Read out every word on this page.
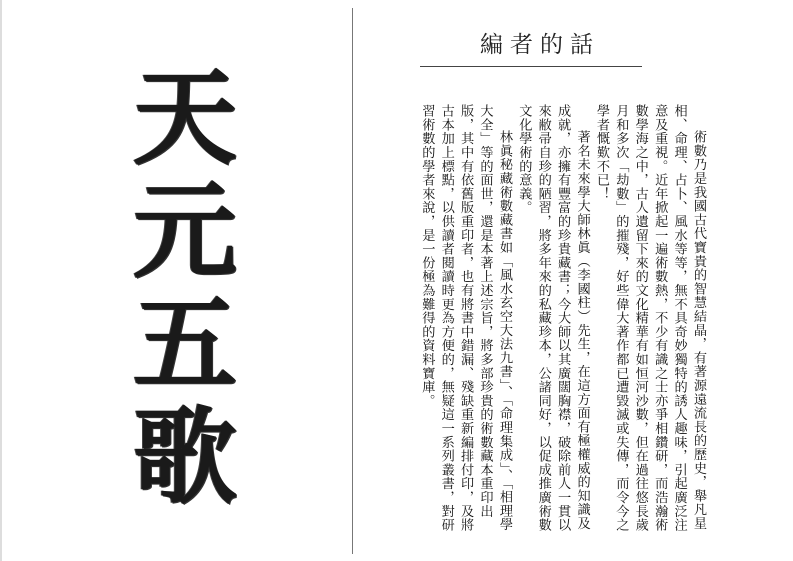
天
元
五
歌
編者的話

術數乃是我國古代寶貴的智慧結晶，有著源遠流長的歷史，舉凡星相、命理、占卜、風水等等，無不具奇妙獨特的誘人趣味，引起廣泛注意及重視。近年掀起一遍術數熱，不少有識之士亦爭相鑽研，而浩瀚術數學海之中，古人遺留下來的文化精華有如恒河沙數，但在過往悠長歲月和多次「劫數」的摧殘，好些偉大著作都已遭毀滅或失傳，而令今之學者慨歎不已！

著名未來學大師林眞（李國柱）先生，在這方面有極權威的知識及成就，亦擁有豐富的珍貴藏書；今大師以其廣闊胸襟，破除前人一貫以來敝帚自珍的陋習，將多年來的私藏珍本，公諸同好，以促成推廣術數文化學術的意義。

林眞秘藏術數藏書如「風水玄空大法九書」、「命理集成」、「相理學大全」等的面世，還是本著上述宗旨，將多部珍貴的術數藏本重印出版，其中有依舊版重印者，也有將書中錯漏、殘缺重新編排付印，及將古本加上標點，以供讀者閱讀時更為方便的，無疑這一系列叢書，對研習術數的學者來說，是一份極為難得的資料寶庫。
